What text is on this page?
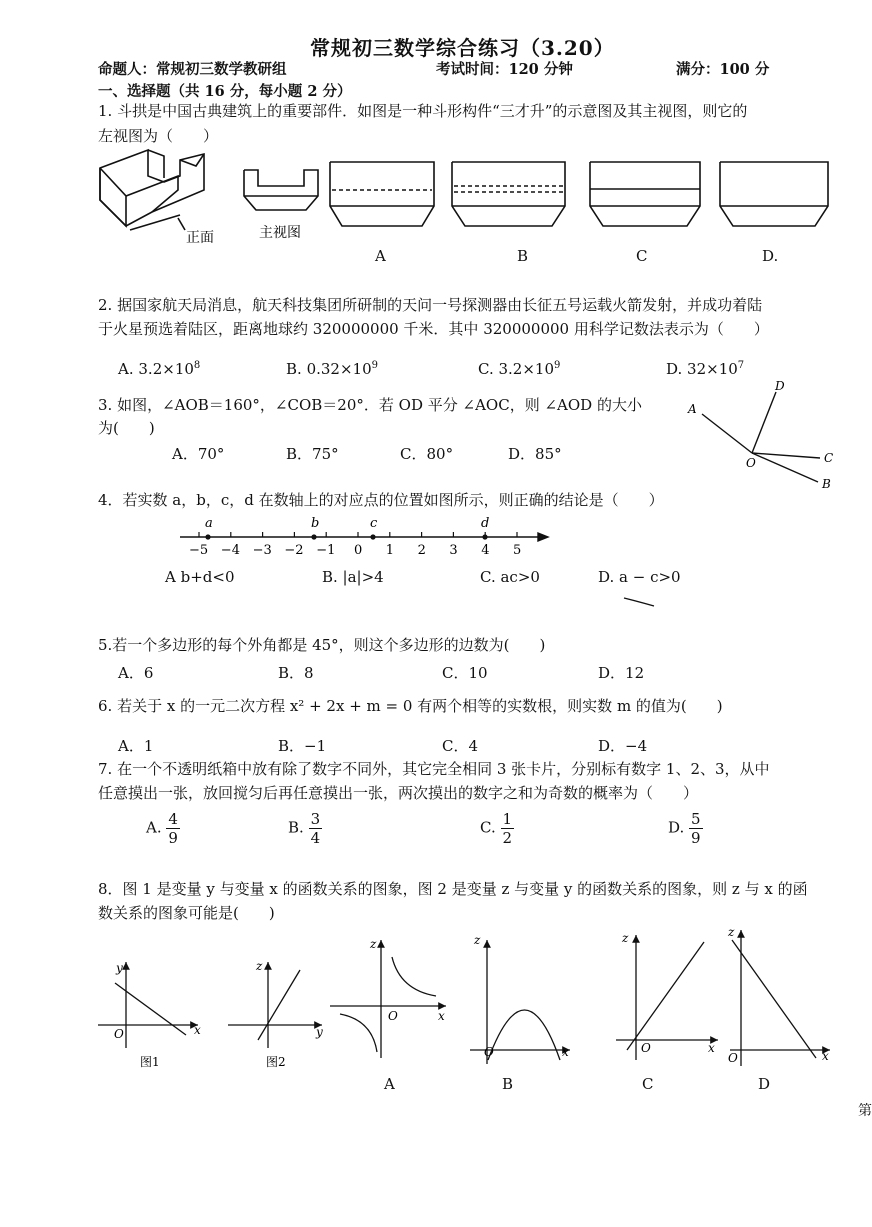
常规初三数学综合练习（3.20）
命题人：常规初三数学教研组	考试时间：120 分钟	满分：100 分
一、选择题（共 16 分，每小题 2 分）
1. 斗拱是中国古典建筑上的重要部件．如图是一种斗形构件“三才升”的示意图及其主视图，则它的
左视图为（　　）
正面	主视图
A	B	C	D.
2. 据国家航天局消息，航天科技集团所研制的天问一号探测器由长征五号运载火箭发射，并成功着陆
于火星预选着陆区，距离地球约 320000000 千米．其中 320000000 用科学记数法表示为（　　）
A. $3.2\times 10^8$	B. $0.32\times 10^9$	C. $3.2\times 10^9$	D. $32\times 10^7$
3. 如图，∠AOB＝160°，∠COB＝20°．若 OD 平分 ∠AOC，则 ∠AOD 的大小
为(　　)
A．70°	B．75°	C．80°	D．85°
A
D
C
B
O
4．若实数 a，b，c，d 在数轴上的对应点的位置如图所示，则正确的结论是（　　）
−5 −4 −3 −2 −1 0 1 2 3 4 5
a	b	c	d
A b+d<0	B. |a|>4	C. ac>0	D. a − c>0
5.若一个多边形的每个外角都是 45°，则这个多边形的边数为(　　)
A．6	B．8	C．10	D．12
6. 若关于 x 的一元二次方程 x² + 2x + m = 0 有两个相等的实数根，则实数 m 的值为(　　)
A．1	B．−1	C．4	D．−4
7. 在一个不透明纸箱中放有除了数字不同外，其它完全相同 3 张卡片，分别标有数字 1、2、3，从中
任意摸出一张，放回搅匀后再任意摸出一张，两次摸出的数字之和为奇数的概率为（　　）
A. $\frac{4}{9}$	B. $\frac{3}{4}$	C. $\frac{1}{2}$	D. $\frac{5}{9}$
8．图 1 是变量 y 与变量 x 的函数关系的图象，图 2 是变量 z 与变量 y 的函数关系的图象，则 z 与 x 的函
数关系的图象可能是(　　)
y
x
O
z
y
z
x
O
z
x
O
z
x
O
z
x
O
图1	图2
A	B	C	D
第
